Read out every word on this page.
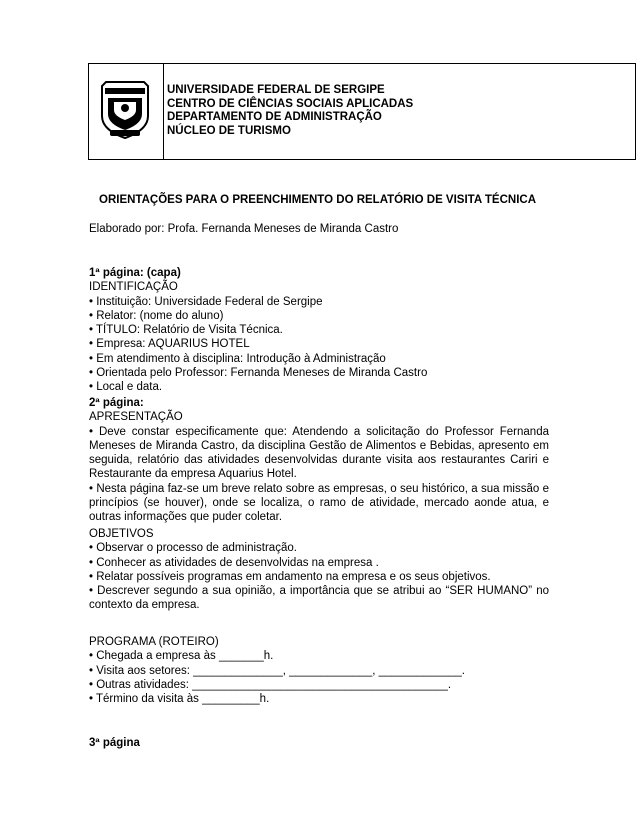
UNIVERSIDADE FEDERAL DE SERGIPE
CENTRO DE CIÊNCIAS SOCIAIS APLICADAS
DEPARTAMENTO DE ADMINISTRAÇÃO
NÚCLEO DE TURISMO
ORIENTAÇÕES PARA O PREENCHIMENTO DO RELATÓRIO DE VISITA TÉCNICA
Elaborado por: Profa. Fernanda Meneses de Miranda Castro
1ª página: (capa)
IDENTIFICAÇÃO
• Instituição: Universidade Federal de Sergipe
• Relator: (nome do aluno)
• TÍTULO: Relatório de Visita Técnica.
• Empresa: AQUARIUS HOTEL
• Em atendimento à disciplina: Introdução à Administração
• Orientada pelo Professor: Fernanda Meneses de Miranda Castro
• Local e data.
2ª página:
APRESENTAÇÃO
• Deve constar especificamente que: Atendendo a solicitação do Professor Fernanda Meneses de Miranda Castro, da disciplina Gestão de Alimentos e Bebidas, apresento em seguida, relatório das atividades desenvolvidas durante visita aos restaurantes Cariri e Restaurante da empresa Aquarius Hotel.
• Nesta página faz-se um breve relato sobre as empresas, o seu histórico, a sua missão e princípios (se houver), onde se localiza, o ramo de atividade, mercado aonde atua, e outras informações que puder coletar.
OBJETIVOS
• Observar o processo de administração.
• Conhecer as atividades de desenvolvidas na empresa .
• Relatar possíveis programas em andamento na empresa e os seus objetivos.
• Descrever segundo a sua opinião, a importância que se atribui ao “SER HUMANO” no contexto da empresa.
PROGRAMA (ROTEIRO)
• Chegada a empresa às _______h.
• Visita aos setores: ______________, _____________, _____________.
• Outras atividades: ________________________________________.
• Término da visita às _________h.
3ª página
